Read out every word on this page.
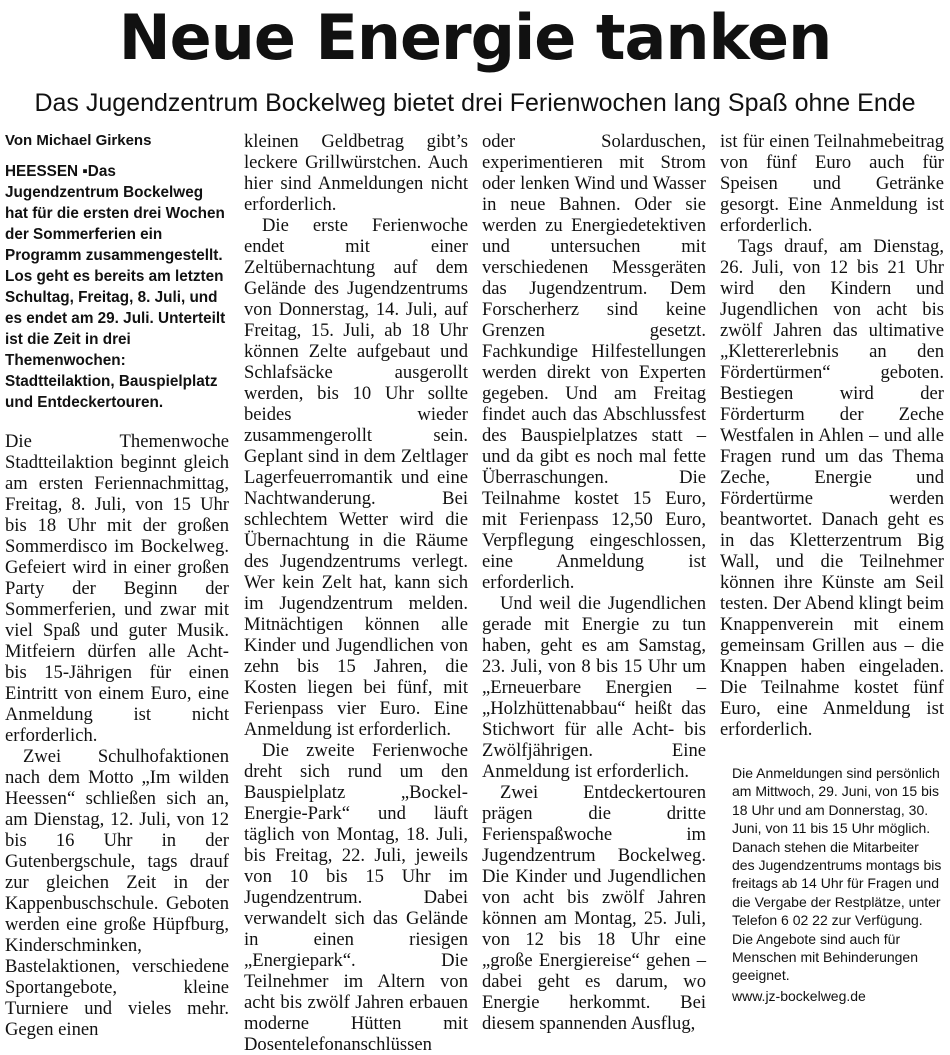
Neue Energie tanken
Das Jugendzentrum Bockelweg bietet drei Ferienwochen lang Spaß ohne Ende
Von Michael Girkens
HEESSEN ▪ Das Jugendzentrum Bockelweg hat für die ersten drei Wochen der Sommerferien ein Programm zusammengestellt. Los geht es bereits am letzten Schultag, Freitag, 8. Juli, und es endet am 29. Juli. Unterteilt ist die Zeit in drei Themenwochen: Stadtteilaktion, Bauspielplatz und Entdeckertouren.

Die Themenwoche Stadtteilaktion beginnt gleich am ersten Feriennachmittag, Freitag, 8. Juli, von 15 Uhr bis 18 Uhr mit der großen Sommerdisco im Bockelweg. Gefeiert wird in einer großen Party der Beginn der Sommerferien, und zwar mit viel Spaß und guter Musik. Mitfeiern dürfen alle Acht- bis 15-Jährigen für einen Eintritt von einem Euro, eine Anmeldung ist nicht erforderlich.

Zwei Schulhofaktionen nach dem Motto „Im wilden Heessen“ schließen sich an, am Dienstag, 12. Juli, von 12 bis 16 Uhr in der Gutenbergschule, tags drauf zur gleichen Zeit in der Kappenbuschschule. Geboten werden eine große Hüpfburg, Kinderschminken, Bastelaktionen, verschiedene Sportangebote, kleine Turniere und vieles mehr. Gegen einen

kleinen Geldbetrag gibt’s leckere Grillwürstchen. Auch hier sind Anmeldungen nicht erforderlich.

Die erste Ferienwoche endet mit einer Zeltübernachtung auf dem Gelände des Jugendzentrums von Donnerstag, 14. Juli, auf Freitag, 15. Juli, ab 18 Uhr können Zelte aufgebaut und Schlafsäcke ausgerollt werden, bis 10 Uhr sollte beides wieder zusammengerollt sein. Geplant sind in dem Zeltlager Lagerfeuerromantik und eine Nachtwanderung. Bei schlechtem Wetter wird die Übernachtung in die Räume des Jugendzentrums verlegt. Wer kein Zelt hat, kann sich im Jugendzentrum melden. Mitnächtigen können alle Kinder und Jugendlichen von zehn bis 15 Jahren, die Kosten liegen bei fünf, mit Ferienpass vier Euro. Eine Anmeldung ist erforderlich.

Die zweite Ferienwoche dreht sich rund um den Bauspielplatz „Bockel-Energie-Park“ und läuft täglich von Montag, 18. Juli, bis Freitag, 22. Juli, jeweils von 10 bis 15 Uhr im Jugendzentrum. Dabei verwandelt sich das Gelände in einen riesigen „Energiepark“. Die Teilnehmer im Altern von acht bis zwölf Jahren erbauen moderne Hütten mit Dosentelefonanschlüssen

oder Solarduschen, experimentieren mit Strom oder lenken Wind und Wasser in neue Bahnen. Oder sie werden zu Energiedetektiven und untersuchen mit verschiedenen Messgeräten das Jugendzentrum. Dem Forscherherz sind keine Grenzen gesetzt. Fachkundige Hilfestellungen werden direkt von Experten gegeben. Und am Freitag findet auch das Abschlussfest des Bauspielplatzes statt – und da gibt es noch mal fette Überraschungen. Die Teilnahme kostet 15 Euro, mit Ferienpass 12,50 Euro, Verpflegung eingeschlossen, eine Anmeldung ist erforderlich.

Und weil die Jugendlichen gerade mit Energie zu tun haben, geht es am Samstag, 23. Juli, von 8 bis 15 Uhr um „Erneuerbare Energien – „Holzhüttenabbau“ heißt das Stichwort für alle Acht- bis Zwölfjährigen. Eine Anmeldung ist erforderlich.

Zwei Entdeckertouren prägen die dritte Ferienspaßwoche im Jugendzentrum Bockelweg. Die Kinder und Jugendlichen von acht bis zwölf Jahren können am Montag, 25. Juli, von 12 bis 18 Uhr eine „große Energiereise“ gehen – dabei geht es darum, wo Energie herkommt. Bei diesem spannenden Ausflug,

ist für einen Teilnahmebeitrag von fünf Euro auch für Speisen und Getränke gesorgt. Eine Anmeldung ist erforderlich.

Tags drauf, am Dienstag, 26. Juli, von 12 bis 21 Uhr wird den Kindern und Jugendlichen von acht bis zwölf Jahren das ultimative „Klettererlebnis an den Fördertürmen“ geboten. Bestiegen wird der Förderturm der Zeche Westfalen in Ahlen – und alle Fragen rund um das Thema Zeche, Energie und Fördertürme werden beantwortet. Danach geht es in das Kletterzentrum Big Wall, und die Teilnehmer können ihre Künste am Seil testen. Der Abend klingt beim Knappenverein mit einem gemeinsam Grillen aus – die Knappen haben eingeladen. Die Teilnahme kostet fünf Euro, eine Anmeldung ist erforderlich.

Die Anmeldungen sind persönlich am Mittwoch, 29. Juni, von 15 bis 18 Uhr und am Donnerstag, 30. Juni, von 11 bis 15 Uhr möglich. Danach stehen die Mitarbeiter des Jugendzentrums montags bis freitags ab 14 Uhr für Fragen und die Vergabe der Restplätze, unter Telefon 6 02 22 zur Verfügung. Die Angebote sind auch für Menschen mit Behinderungen geeignet.
www.jz-bockelweg.de
